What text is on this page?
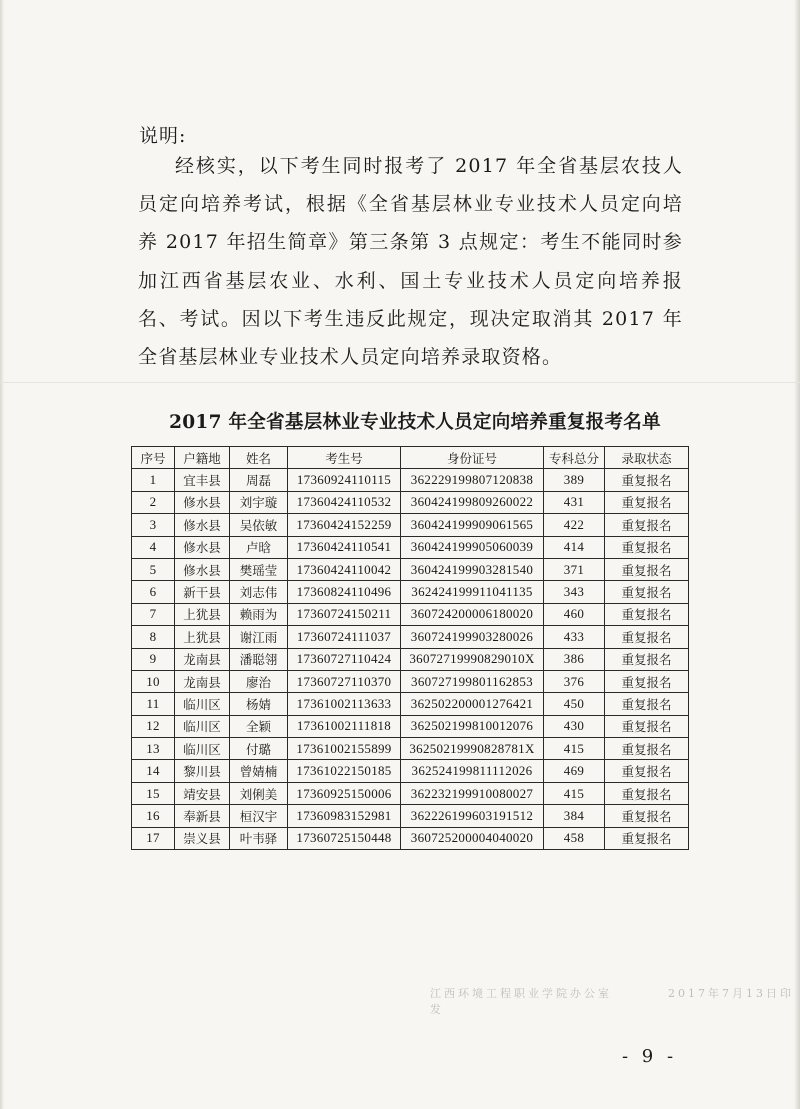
说明:
经核实，以下考生同时报考了 2017 年全省基层农技人员定向培养考试，根据《全省基层林业专业技术人员定向培养 2017 年招生简章》第三条第 3 点规定：考生不能同时参加江西省基层农业、水利、国土专业技术人员定向培养报名、考试。因以下考生违反此规定，现决定取消其 2017 年全省基层林业专业技术人员定向培养录取资格。
2017 年全省基层林业专业技术人员定向培养重复报考名单
序号	户籍地	姓名	考生号	身份证号	专科总分	录取状态
1	宜丰县	周磊	17360924110115	362229199807120838	389	重复报名
2	修水县	刘宇璇	17360424110532	360424199809260022	431	重复报名
3	修水县	吴依敏	17360424152259	360424199909061565	422	重复报名
4	修水县	卢晗	17360424110541	360424199905060039	414	重复报名
5	修水县	樊瑶莹	17360424110042	360424199903281540	371	重复报名
6	新干县	刘志伟	17360824110496	362424199911041135	343	重复报名
7	上犹县	赖雨为	17360724150211	360724200006180020	460	重复报名
8	上犹县	谢江雨	17360724111037	360724199903280026	433	重复报名
9	龙南县	潘聪翎	17360727110424	36072719990829010X	386	重复报名
10	龙南县	廖治	17360727110370	360727199801162853	376	重复报名
11	临川区	杨婧	17361002113633	362502200001276421	450	重复报名
12	临川区	全颖	17361002111818	362502199810012076	430	重复报名
13	临川区	付璐	17361002155899	36250219990828781X	415	重复报名
14	黎川县	曾婧楠	17361022150185	362524199811112026	469	重复报名
15	靖安县	刘俐美	17360925150006	362232199910080027	415	重复报名
16	奉新县	桓汉宇	17360983152981	362226199603191512	384	重复报名
17	崇义县	叶韦驿	17360725150448	360725200004040020	458	重复报名
江西环境工程职业学院办公室　　　　2017年7月13日印发
- 9 -
